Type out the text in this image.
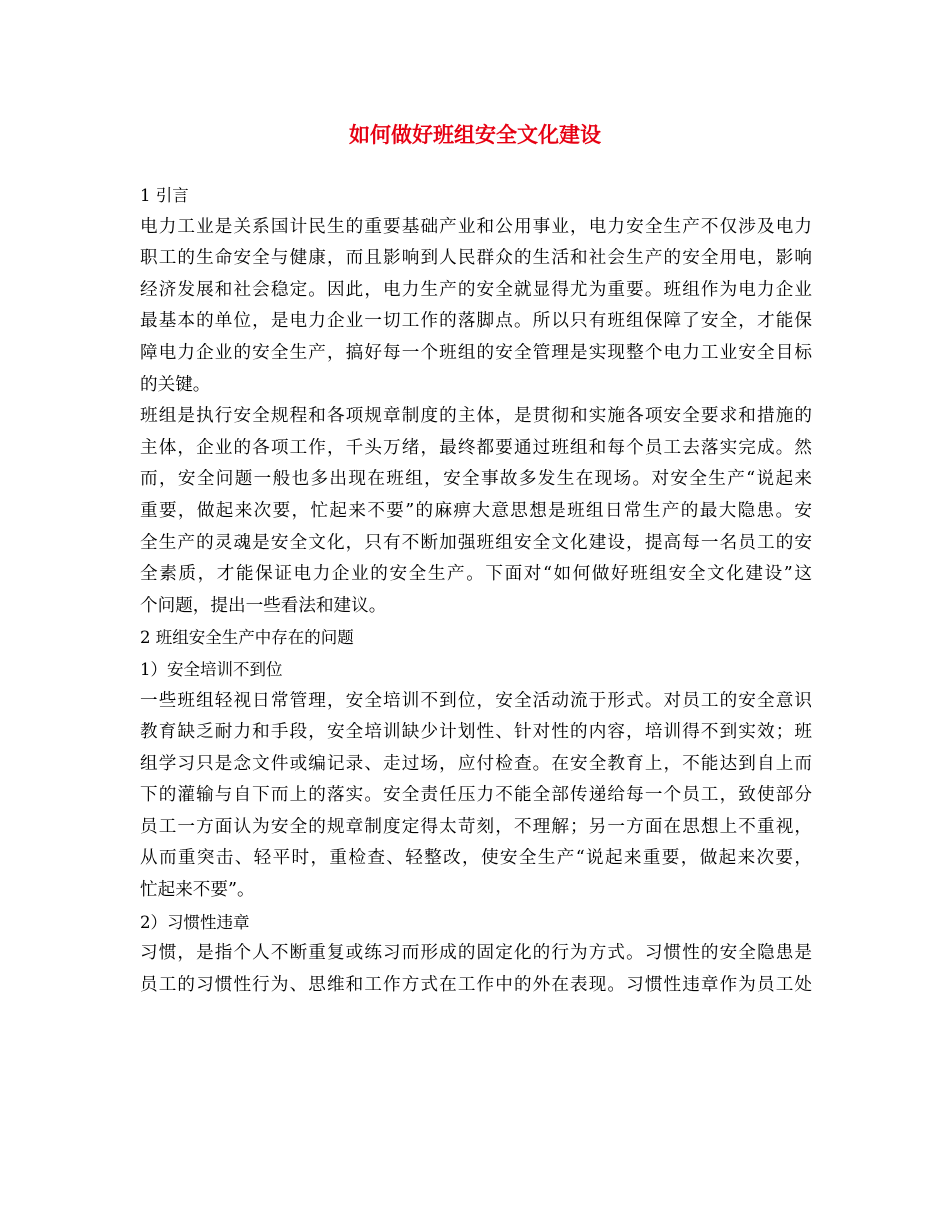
如何做好班组安全文化建设
1 引言
电力工业是关系国计民生的重要基础产业和公用事业，电力安全生产不仅涉及电力
职工的生命安全与健康，而且影响到人民群众的生活和社会生产的安全用电，影响
经济发展和社会稳定。因此，电力生产的安全就显得尤为重要。班组作为电力企业
最基本的单位，是电力企业一切工作的落脚点。所以只有班组保障了安全，才能保
障电力企业的安全生产，搞好每一个班组的安全管理是实现整个电力工业安全目标
的关键。
班组是执行安全规程和各项规章制度的主体，是贯彻和实施各项安全要求和措施的
主体，企业的各项工作，千头万绪，最终都要通过班组和每个员工去落实完成。然
而，安全问题一般也多出现在班组，安全事故多发生在现场。对安全生产“说起来
重要，做起来次要，忙起来不要”的麻痹大意思想是班组日常生产的最大隐患。安
全生产的灵魂是安全文化，只有不断加强班组安全文化建设，提高每一名员工的安
全素质，才能保证电力企业的安全生产。下面对“如何做好班组安全文化建设”这
个问题，提出一些看法和建议。
2 班组安全生产中存在的问题
1）安全培训不到位
一些班组轻视日常管理，安全培训不到位，安全活动流于形式。对员工的安全意识
教育缺乏耐力和手段，安全培训缺少计划性、针对性的内容，培训得不到实效；班
组学习只是念文件或编记录、走过场，应付检查。在安全教育上，不能达到自上而
下的灌输与自下而上的落实。安全责任压力不能全部传递给每一个员工，致使部分
员工一方面认为安全的规章制度定得太苛刻，不理解；另一方面在思想上不重视，
从而重突击、轻平时，重检查、轻整改，使安全生产“说起来重要，做起来次要，
忙起来不要”。
2）习惯性违章
习惯，是指个人不断重复或练习而形成的固定化的行为方式。习惯性的安全隐患是
员工的习惯性行为、思维和工作方式在工作中的外在表现。习惯性违章作为员工处
